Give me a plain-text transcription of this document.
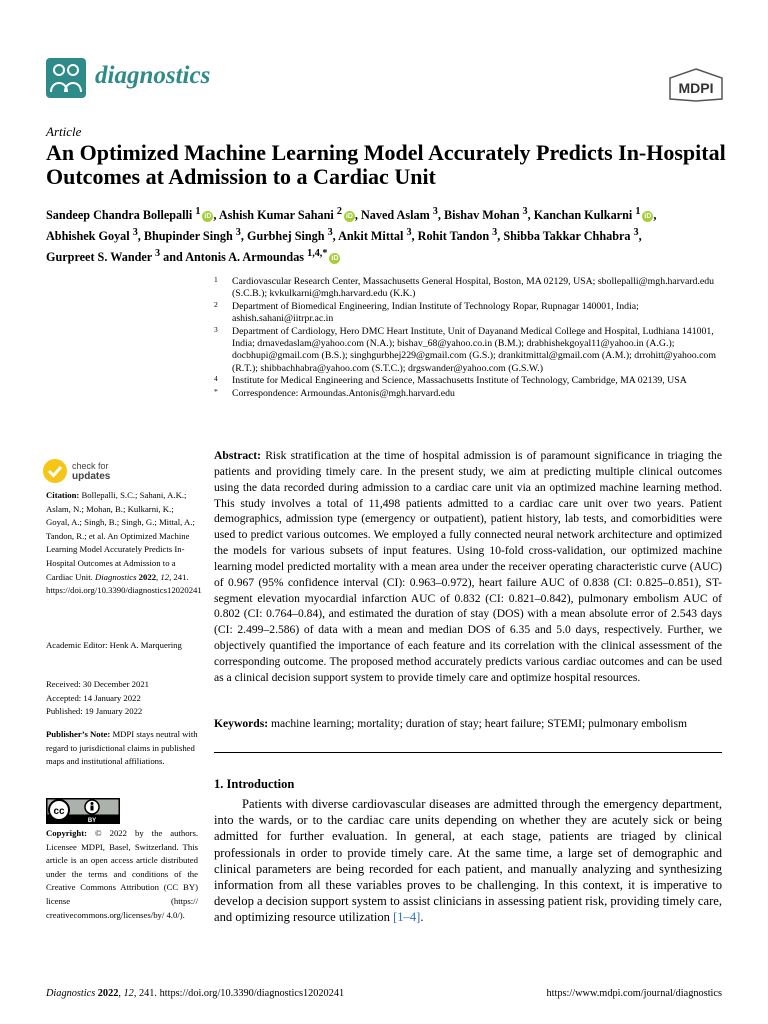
diagnostics	MDPI
Article
An Optimized Machine Learning Model Accurately Predicts In-Hospital Outcomes at Admission to a Cardiac Unit
Sandeep Chandra Bollepalli $^1$ iD , Ashish Kumar Sahani $^2$ iD , Naved Aslam $^3$, Bishav Mohan $^3$, Kanchan Kulkarni $^1$ iD ,
Abhishek Goyal $^3$, Bhupinder Singh $^3$, Gurbhej Singh $^3$, Ankit Mittal $^3$, Rohit Tandon $^3$, Shibba Takkar Chhabra $^3$,
Gurpreet S. Wander $^3$ and Antonis A. Armoundas $^{1,4,*}$ iD
1 Cardiovascular Research Center, Massachusetts General Hospital, Boston, MA 02129, USA; sbollepalli@mgh.harvard.edu (S.C.B.); kvkulkarni@mgh.harvard.edu (K.K.)
2 Department of Biomedical Engineering, Indian Institute of Technology Ropar, Rupnagar 140001, India; ashish.sahani@iitrpr.ac.in
3 Department of Cardiology, Hero DMC Heart Institute, Unit of Dayanand Medical College and Hospital, Ludhiana 141001, India; drnavedaslam@yahoo.com (N.A.); bishav_68@yahoo.co.in (B.M.); drabhishekgoyal11@yahoo.in (A.G.); docbhupi@gmail.com (B.S.); singhgurbhej229@gmail.com (G.S.); drankitmittal@gmail.com (A.M.); drrohitt@yahoo.com (R.T.); shibbachhabra@yahoo.com (S.T.C.); drgswander@yahoo.com (G.S.W.)
4 Institute for Medical Engineering and Science, Massachusetts Institute of Technology, Cambridge, MA 02139, USA
* Correspondence: Armoundas.Antonis@mgh.harvard.edu
Abstract: Risk stratification at the time of hospital admission is of paramount significance in triaging the patients and providing timely care. In the present study, we aim at predicting multiple clinical outcomes using the data recorded during admission to a cardiac care unit via an optimized machine learning method. This study involves a total of 11,498 patients admitted to a cardiac care unit over two years. Patient demographics, admission type (emergency or outpatient), patient history, lab tests, and comorbidities were used to predict various outcomes. We employed a fully connected neural network architecture and optimized the models for various subsets of input features. Using 10-fold cross-validation, our optimized machine learning model predicted mortality with a mean area under the receiver operating characteristic curve (AUC) of 0.967 (95% confidence interval (CI): 0.963–0.972), heart failure AUC of 0.838 (CI: 0.825–0.851), ST-segment elevation myocardial infarction AUC of 0.832 (CI: 0.821–0.842), pulmonary embolism AUC of 0.802 (CI: 0.764–0.84), and estimated the duration of stay (DOS) with a mean absolute error of 2.543 days (CI: 2.499–2.586) of data with a mean and median DOS of 6.35 and 5.0 days, respectively. Further, we objectively quantified the importance of each feature and its correlation with the clinical assessment of the corresponding outcome. The proposed method accurately predicts various cardiac outcomes and can be used as a clinical decision support system to provide timely care and optimize hospital resources.
Keywords: machine learning; mortality; duration of stay; heart failure; STEMI; pulmonary embolism
1. Introduction
Patients with diverse cardiovascular diseases are admitted through the emergency department, into the wards, or to the cardiac care units depending on whether they are acutely sick or being admitted for further evaluation. In general, at each stage, patients are triaged by clinical professionals in order to provide timely care. At the same time, a large set of demographic and clinical parameters are being recorded for each patient, and manually analyzing and synthesizing information from all these variables proves to be challenging. In this context, it is imperative to develop a decision support system to assist clinicians in assessing patient risk, providing timely care, and optimizing resource utilization [1–4].
check for
updates
Citation: Bollepalli, S.C.; Sahani, A.K.; Aslam, N.; Mohan, B.; Kulkarni, K.; Goyal, A.; Singh, B.; Singh, G.; Mittal, A.; Tandon, R.; et al. An Optimized Machine Learning Model Accurately Predicts In-Hospital Outcomes at Admission to a Cardiac Unit. Diagnostics 2022, 12, 241. https://doi.org/10.3390/diagnostics12020241
Academic Editor: Henk A. Marquering
Received: 30 December 2021
Accepted: 14 January 2022
Published: 19 January 2022
Publisher’s Note: MDPI stays neutral with regard to jurisdictional claims in published maps and institutional affiliations.
cc
BY
Copyright: © 2022 by the authors. Licensee MDPI, Basel, Switzerland. This article is an open access article distributed under the terms and conditions of the Creative Commons Attribution (CC BY) license (https:// creativecommons.org/licenses/by/ 4.0/).
Diagnostics 2022, 12, 241. https://doi.org/10.3390/diagnostics12020241	https://www.mdpi.com/journal/diagnostics
